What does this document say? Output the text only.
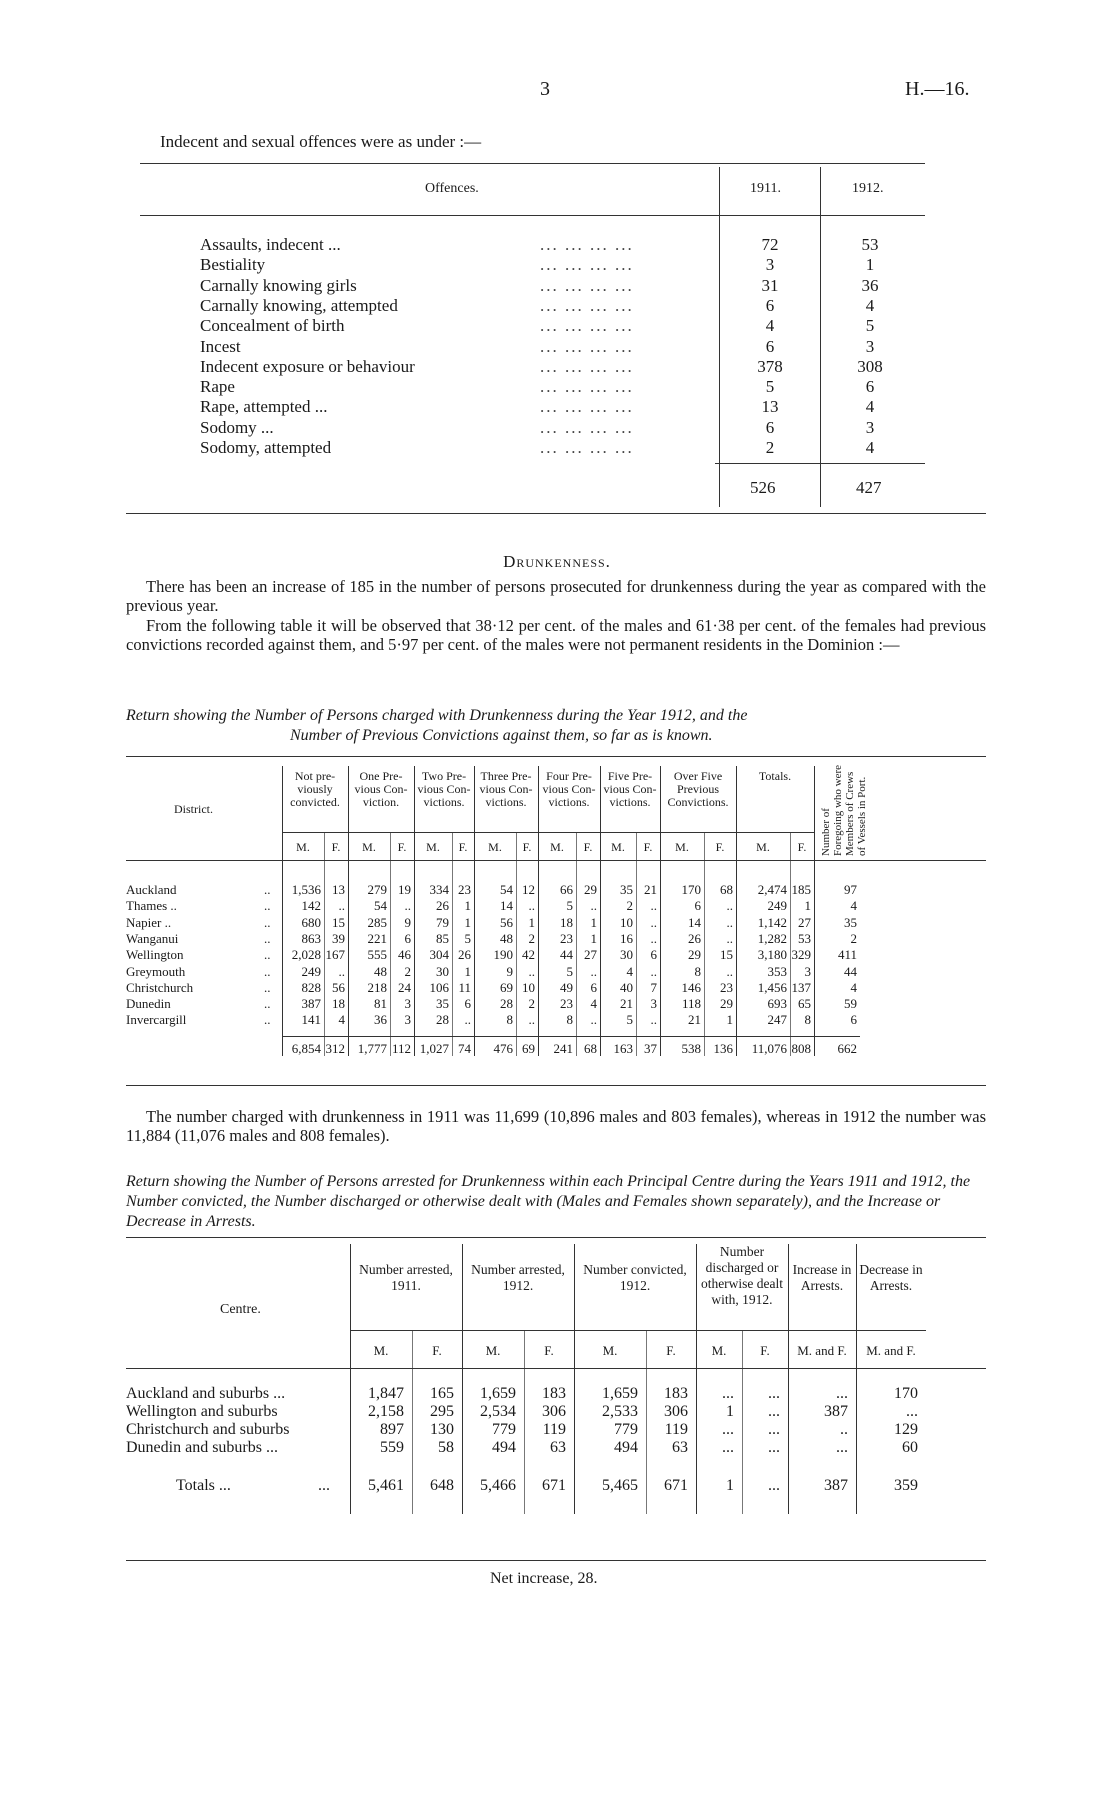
3	H.—16.
Indecent and sexual offences were as under :—
Offences.	1911.	1912.
Assaults, indecent ...	... ... ... ...	72	53
Bestiality	... ... ... ...	3	1
Carnally knowing girls	... ... ... ...	31	36
Carnally knowing, attempted	... ... ... ...	6	4
Concealment of birth	... ... ... ...	4	5
Incest	... ... ... ...	6	3
Indecent exposure or behaviour	... ... ... ...	378	308
Rape	... ... ... ...	5	6
Rape, attempted ...	... ... ... ...	13	4
Sodomy ...	... ... ... ...	6	3
Sodomy, attempted	... ... ... ...	2	4
526	427
Drunkenness.
There has been an increase of 185 in the number of persons prosecuted for drunkenness during the year as compared with the previous year.
From the following table it will be observed that 38·12 per cent. of the males and 61·38 per cent. of the females had previous convictions recorded against them, and 5·97 per cent. of the males were not permanent residents in the Dominion :—
Return showing the Number of Persons charged with Drunkenness during the Year 1912, and the
Number of Previous Convictions against them, so far as is known.
District.
Not pre-viously convicted.
M.	F.
One Pre-vious Con-viction.
M.	F.
Two Pre-vious Con-victions.
M.	F.
Three Pre-vious Con-victions.
M.	F.
Four Pre-vious Con-victions.
M.	F.
Five Pre-vious Con-victions.
M.	F.
Over Five Previous Convictions.
M.	F.
Totals.
M.	F.	Number of Foregoing who were Members of Crews of Vessels in Port.
Auckland	..	1,536 13	279 19	334 23	54 12	66 29	35 21	170	68	2,474 185	97
Thames ..	..	142	..	54	..	26	1	14	..	5	..	2	..	6	..	249	1	4
Napier ..	..	680 15	285	9	79	1	56	1	18	1	10	..	14	..	1,142 27	35
Wanganui	..	863 39	221	6	85	5	48	2	23	1	16	..	26	..	1,282 53	2
Wellington	..	2,028 167	555 46	304 26	190 42	44 27	30	6	29	15	3,180 329	411
Greymouth	..	249	..	48	2	30	1	9	..	5	..	4	..	8	..	353	3	44
Christchurch	..	828 56	218 24	106 11	69 10	49	6	40	7	146	23	1,456 137	4
Dunedin	..	387 18	81	3	35	6	28	2	23	4	21	3	118	29	693 65	59
Invercargill	..	141	4	36	3	28	..	8	..	8	..	5	..	21	1	247	8	6
6,854 312 1,777 112 1,027 74	476 69	241 68	163 37	538 136	11,076 808	662
The number charged with drunkenness in 1911 was 11,699 (10,896 males and 803 females), whereas in 1912 the number was 11,884 (11,076 males and 808 females).
Return showing the Number of Persons arrested for Drunkenness within each Principal Centre during the Years 1911 and 1912, the Number convicted, the Number discharged or otherwise dealt with (Males and Females shown separately), and the Increase or Decrease in Arrests.
Centre.
Number arrested, 1911.
M.	F.
Number arrested, 1912.
M.	F.
Number convicted, 1912.
M.	F.
Number discharged or otherwise dealt with, 1912.
M.	F.
Increase in Arrests.
M. and F.
Decrease in Arrests.
M. and F.
Auckland and suburbs ...	1,847	165	1,659	183	1,659	183	...	...	...	170
Wellington and suburbs	2,158	295	2,534	306	2,533	306	1	...	387	...
Christchurch and suburbs	897	130	779	119	779	119	...	...	..	129
Dunedin and suburbs ...	559	58	494	63	494	63	...	...	...	60
Totals ...	...	5,461	648	5,466	671	5,465	671	1	...	387	359
Net increase, 28.
